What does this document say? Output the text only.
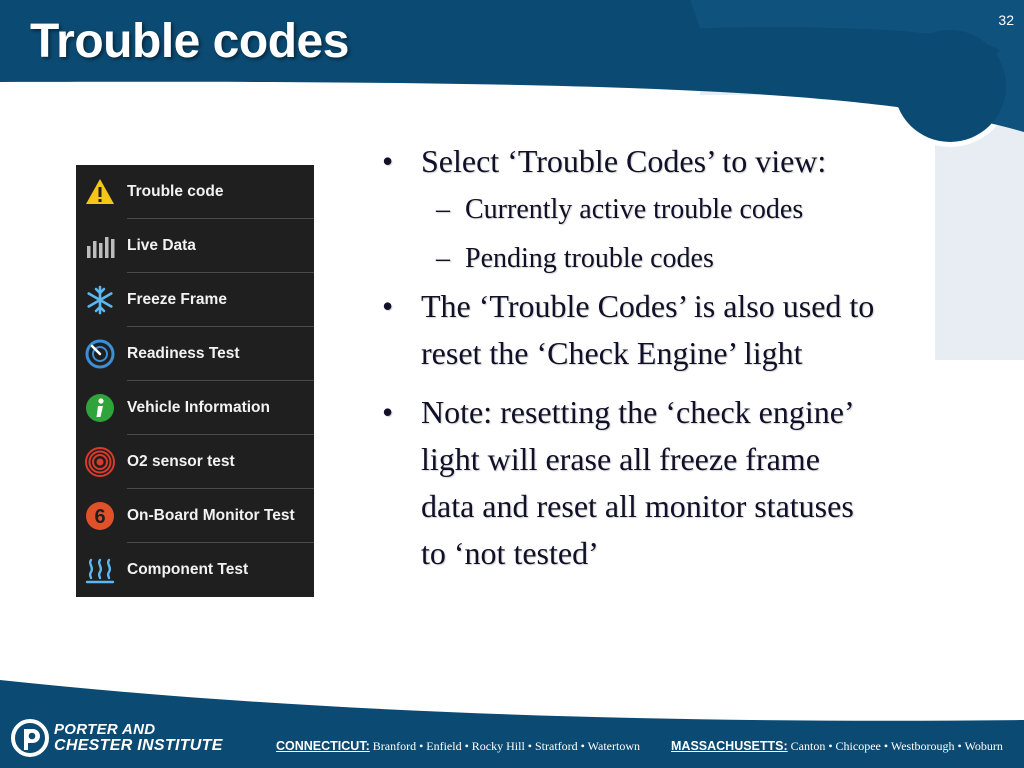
Trouble codes	32
Trouble code
Live Data
Freeze Frame
Readiness Test
Vehicle Information
O2 sensor test
6 On-Board Monitor Test
Component Test
• Select ‘Trouble Codes’ to view:
– Currently active trouble codes
– Pending trouble codes
• The ‘Trouble Codes’ is also used to
reset the ‘Check Engine’ light
• Note: resetting the ‘check engine’
light will erase all freeze frame
data and reset all monitor statuses
to ‘not tested’
PORTER AND
CHESTER INSTITUTE	CONNECTICUT: Branford • Enfield • Rocky Hill • Stratford • Watertown MASSACHUSETTS: Canton • Chicopee • Westborough • Woburn
